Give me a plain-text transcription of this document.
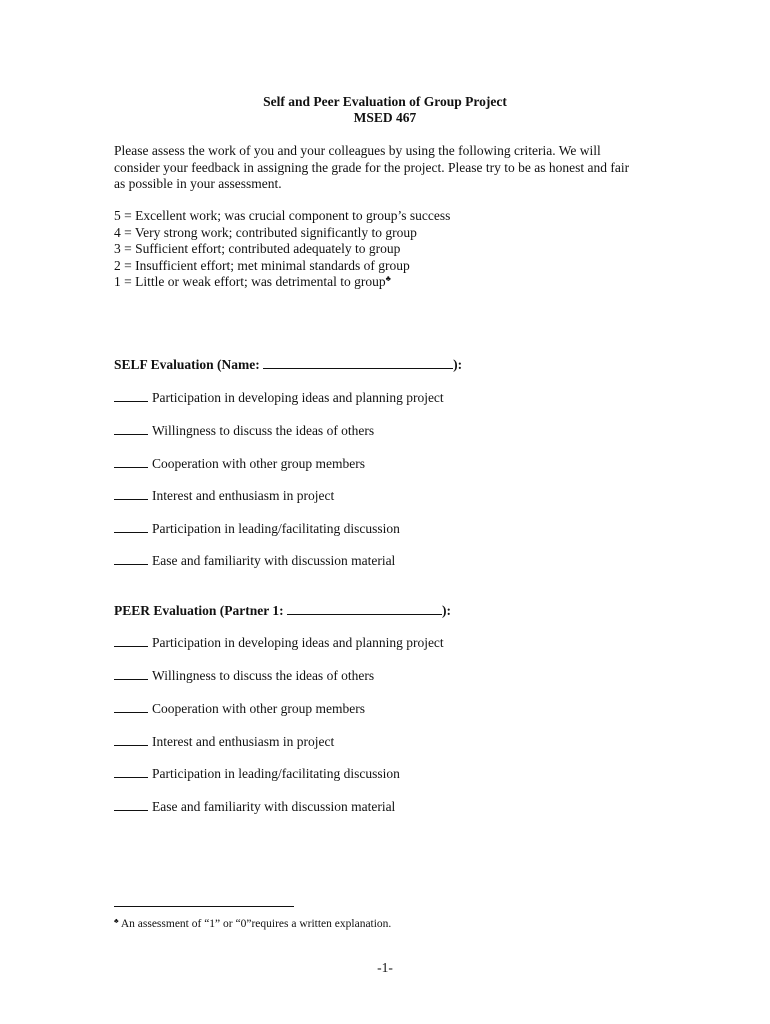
Self and Peer Evaluation of Group Project
MSED 467
Please assess the work of you and your colleagues by using the following criteria. We will
consider your feedback in assigning the grade for the project. Please try to be as honest and fair
as possible in your assessment.
5 = Excellent work; was crucial component to group’s success
4 = Very strong work; contributed significantly to group
3 = Sufficient effort; contributed adequately to group
2 = Insufficient effort; met minimal standards of group
1 = Little or weak effort; was detrimental to group♣
SELF Evaluation (Name:	):
Participation in developing ideas and planning project
Willingness to discuss the ideas of others
Cooperation with other group members
Interest and enthusiasm in project
Participation in leading/facilitating discussion
Ease and familiarity with discussion material
PEER Evaluation (Partner 1:	):
Participation in developing ideas and planning project
Willingness to discuss the ideas of others
Cooperation with other group members
Interest and enthusiasm in project
Participation in leading/facilitating discussion
Ease and familiarity with discussion material
♣ An assessment of “1” or “0”requires a written explanation.
-1-
